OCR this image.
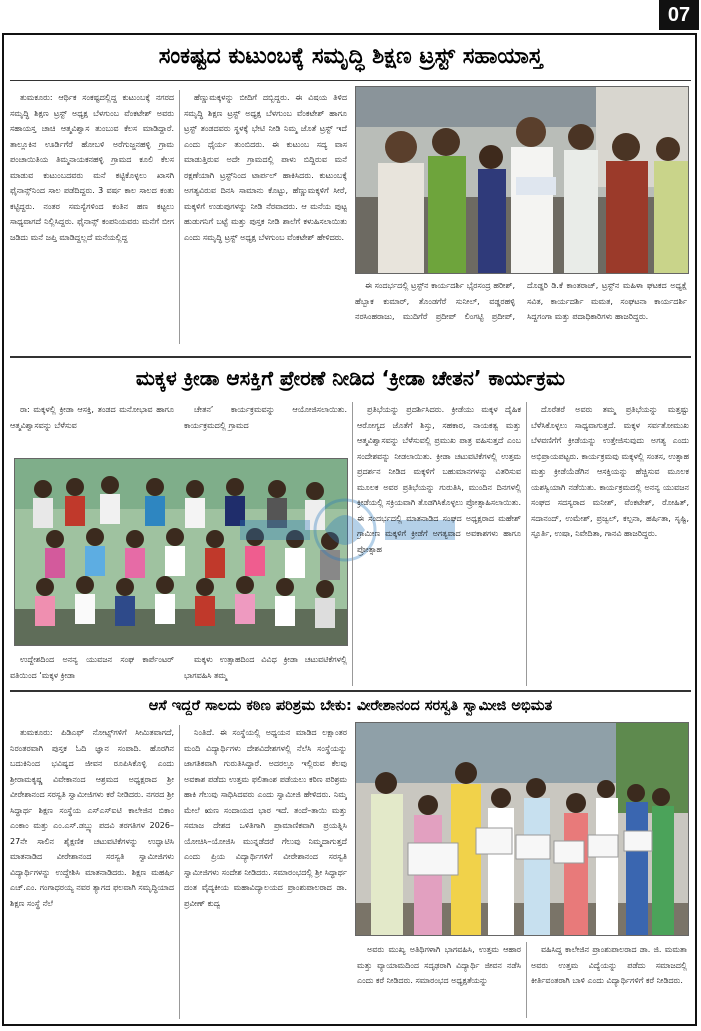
07
ಸಂಕಷ್ಟದ ಕುಟುಂಬಕ್ಕೆ ಸಮೃದ್ಧಿ ಶಿಕ್ಷಣ ಟ್ರಸ್ಟ್ ಸಹಾಯಾಸ್ತ

ತುಮಕೂರು: ಆರ್ಥಿಕ ಸಂಕಷ್ಟದಲ್ಲಿದ್ದ ಕುಟುಂಬಕ್ಕೆ ನಗರದ ಸಮೃದ್ಧಿ ಶಿಕ್ಷಣ ಟ್ರಸ್ಟ್ ಅಧ್ಯಕ್ಷ ಬೆಳಗುಂಬ ವೆಂಕಟೇಶ್ ಅವರು ಸಹಾಯಸ್ತ ಚಾಚಿ ಆತ್ಮವಿಶ್ವಾಸ ತುಂಬುವ ಕೆಲಸ ಮಾಡಿದ್ದಾರೆ. ತಾಲ್ಲೂಕಿನ ಊರ್ಡಿಗೆರೆ ಹೋಬಳಿ ಅರೆಗುಜ್ಜನಹಳ್ಳಿ ಗ್ರಾಮ ಪಂಚಾಯಿತಿಯ ತಿಮ್ಮನಾಯಕನಹಳ್ಳಿ ಗ್ರಾಮದ ಕೂಲಿ ಕೆಲಸ ಮಾಡುವ ಕುಟುಂಬದವರು ಮನೆ ಕಟ್ಟಿಕೊಳ್ಳಲು ಖಾಸಗಿ ಫೈನಾನ್ಸ್‌ನಿಂದ ಸಾಲ ಪಡೆದಿದ್ದರು. 3 ವರ್ಷ ಕಾಲ ಸಾಲದ ಕಂತು ಕಟ್ಟಿದ್ದರು. ನಂತರ ಸಮಸ್ಯೆಗಳಿಂದ ಕಂತಿನ ಹಣ ಕಟ್ಟಲು ಸಾಧ್ಯವಾಗದೆ ನಿಲ್ಲಿಸಿದ್ದರು. ಫೈನಾನ್ಸ್ ಕಂಪನಿಯವರು ಮನೆಗೆ ಬೀಗ ಜಡಿದು ಮನೆ ಜಪ್ತಿ ಮಾಡಿದ್ದಲ್ಲದೆ ಮನೆಯಲ್ಲಿದ್ದ

ಹೆಣ್ಣುಮಕ್ಕಳನ್ನು ಬೀದಿಗೆ ದಬ್ಬಿದ್ದರು. ಈ ವಿಷಯ ತಿಳಿದ ಸಮೃದ್ಧಿ ಶಿಕ್ಷಣ ಟ್ರಸ್ಟ್ ಅಧ್ಯಕ್ಷ ಬೆಳಗುಂಬ ವೆಂಕಟೇಶ್ ಹಾಗೂ ಟ್ರಸ್ಟ್ ತಂಡದವರು ಸ್ಥಳಕ್ಕೆ ಭೇಟಿ ನೀಡಿ ನಿಮ್ಮ ಜೊತೆ ಟ್ರಸ್ಟ್ ಇದೆ ಎಂದು ಧೈರ್ಯ ತುಂಬಿದರು. ಈ ಕುಟುಂಬ ಸದ್ಯ ವಾಸ ಮಾಡುತ್ತಿರುವ ಅದೇ ಗ್ರಾಮದಲ್ಲಿ ಪಾಳು ಬಿದ್ದಿರುವ ಮನೆ ರಕ್ಷಣೆಯಾಗಿ ಟ್ರಸ್ಟ್‌ನಿಂದ ಟಾರ್ಪಲ್ ಹಾಕಿಸಿದರು. ಕುಟುಂಬಕ್ಕೆ ಅಗತ್ಯವಿರುವ ದಿನಸಿ ಸಾಮಾನು ಕೊಟ್ಟು, ಹೆಣ್ಣುಮಕ್ಕಳಿಗೆ ಸೀರೆ, ಮಕ್ಕಳಿಗೆ ಉಡುಪುಗಳನ್ನು ನೀಡಿ ನೆರವಾದರು. ಆ ಮನೆಯ ಪುಟ್ಟ ಹುಡುಗನಿಗೆ ಬಟ್ಟೆ ಮತ್ತು ಪುಸ್ತಕ ನೀಡಿ ಶಾಲೆಗೆ ಕಳುಹಿಸಲಾಯಿತು ಎಂದು ಸಮೃದ್ಧಿ ಟ್ರಸ್ಟ್ ಅಧ್ಯಕ್ಷ ಬೆಳಗುಂಬ ವೆಂಕಟೇಶ್ ಹೇಳಿದರು.

ಈ ಸಂದರ್ಭದಲ್ಲಿ ಟ್ರಸ್ಟ್‌ನ ಕಾರ್ಯದರ್ಶಿ ಭೈರಸಂದ್ರ ಹರೀಶ್, ಹೆಬ್ಬಾಕ ಕುಮಾರ್, ತೊಂಡಗೆರೆ ಸುನೀಲ್, ವಡ್ಡರಹಳ್ಳಿ ನರಸಿಂಹರಾಜು, ಮುದಿಗೆರೆ ಪ್ರದೀಪ್ ಲಿಂಗಟ್ಟಿ ಪ್ರದೀಪ್, ದೊಡ್ಡರಿ ಡಿ.ಕೆ ಕಾಂತರಾಜ್, ಟ್ರಸ್ಟ್‌ನ ಮಹಿಳಾ ಘಟಕದ ಅಧ್ಯಕ್ಷೆ ಸವಿತ, ಕಾರ್ಯದರ್ಶಿ ಮಮತ, ಸಂಘಟನಾ ಕಾರ್ಯದರ್ಶಿ ಸಿದ್ದಗಂಗಾ ಮತ್ತು ಪದಾಧಿಕಾರಿಗಳು ಹಾಜರಿದ್ದರು.

ಮಕ್ಕಳ ಕ್ರೀಡಾ ಆಸಕ್ತಿಗೆ ಪ್ರೇರಣೆ ನೀಡಿದ ‘ಕ್ರೀಡಾ ಚೇತನ’ ಕಾರ್ಯಕ್ರಮ

ರಾ: ಮಕ್ಕಳಲ್ಲಿ ಕ್ರೀಡಾ ಆಸಕ್ತಿ, ತಂಡದ ಮನೋಭಾವ ಹಾಗೂ ಆತ್ಮವಿಶ್ವಾಸವನ್ನು ಬೆಳೆಸುವ

ಚೇತನ’ ಕಾರ್ಯಕ್ರಮವನ್ನು ಆಯೋಜಿಸಲಾಯಿತು. ಕಾರ್ಯಕ್ರಮದಲ್ಲಿ ಗ್ರಾಮದ

ಉದ್ದೇಶದಿಂದ ಅನನ್ಯ ಯುವಜನ ಸಂಘ ಕಾರ್ಪೆಂಟರ್ ವತಿಯಿಂದ ‘ಮಕ್ಕಳ ಕ್ರೀಡಾ

ಮಕ್ಕಳು ಉತ್ಸಾಹದಿಂದ ವಿವಿಧ ಕ್ರೀಡಾ ಚಟುವಟಿಕೆಗಳಲ್ಲಿ ಭಾಗವಹಿಸಿ ತಮ್ಮ

ಪ್ರತಿಭೆಯನ್ನು ಪ್ರದರ್ಶಿಸಿದರು. ಕ್ರೀಡೆಯು ಮಕ್ಕಳ ದೈಹಿಕ ಆರೋಗ್ಯದ ಜೊತೆಗೆ ಶಿಸ್ತು, ಸಹಕಾರ, ನಾಯಕತ್ವ ಮತ್ತು ಆತ್ಮವಿಶ್ವಾಸವನ್ನು ಬೆಳೆಸುವಲ್ಲಿ ಪ್ರಮುಖ ಪಾತ್ರ ವಹಿಸುತ್ತದೆ ಎಂಬ ಸಂದೇಶವನ್ನು ನೀಡಲಾಯಿತು. ಕ್ರೀಡಾ ಚಟುವಟಿಕೆಗಳಲ್ಲಿ ಉತ್ತಮ ಪ್ರದರ್ಶನ ನೀಡಿದ ಮಕ್ಕಳಿಗೆ ಬಹುಮಾನಗಳನ್ನು ವಿತರಿಸುವ ಮೂಲಕ ಅವರ ಪ್ರತಿಭೆಯನ್ನು ಗುರುತಿಸಿ, ಮುಂದಿನ ದಿನಗಳಲ್ಲಿ ಕ್ರೀಡೆಯಲ್ಲಿ ಸಕ್ರಿಯವಾಗಿ ತೊಡಗಿಸಿಕೊಳ್ಳಲು ಪ್ರೋತ್ಸಾಹಿಸಲಾಯಿತು. ಈ ಸಂದರ್ಭದಲ್ಲಿ ಮಾತನಾಡಿದ ಸಂಘದ ಅಧ್ಯಕ್ಷರಾದ ಮಹೇಶ್ ಗ್ರಾಮೀಣ ಮಕ್ಕಳಿಗೆ ಕ್ರೀಡೆಗೆ ಅಗತ್ಯವಾದ ಅವಕಾಶಗಳು ಹಾಗೂ ಪ್ರೋತ್ಸಾಹ

ದೊರೆತರೆ ಅವರು ತಮ್ಮ ಪ್ರತಿಭೆಯನ್ನು ಮತ್ತಷ್ಟು ಬೆಳೆಸಿಕೊಳ್ಳಲು ಸಾಧ್ಯವಾಗುತ್ತದೆ. ಮಕ್ಕಳ ಸರ್ವತೋಮುಖ ಬೆಳವಣಿಗೆಗೆ ಕ್ರೀಡೆಯನ್ನು ಉತ್ತೇಜಿಸುವುದು ಅಗತ್ಯ ಎಂದು ಅಭಿಪ್ರಾಯಪಟ್ಟರು. ಕಾರ್ಯಕ್ರಮವು ಮಕ್ಕಳಲ್ಲಿ ಸಂತಸ, ಉತ್ಸಾಹ ಮತ್ತು ಕ್ರೀಡೆಯೆಡೆಗಿನ ಆಸಕ್ತಿಯನ್ನು ಹೆಚ್ಚಿಸುವ ಮೂಲಕ ಯಶಸ್ವಿಯಾಗಿ ನಡೆಯಿತು. ಕಾರ್ಯಕ್ರಮದಲ್ಲಿ ಅನನ್ಯ ಯುವಜನ ಸಂಘದ ಸದಸ್ಯರಾದ ಮನೀಶ್, ವೆಂಕಟೇಶ್, ರೋಹಿತ್, ಸದಾನಂದ್, ಉಮೇಶ್, ಪ್ರಜ್ವಲ್, ಕಲ್ಪನಾ, ಹರ್ಷಿತಾ, ಸೃಷ್ಟಿ, ಸ್ಫೂರ್ತಿ, ಉಷಾ, ನಿವೇದಿತಾ, ಗಾನವಿ ಹಾಜರಿದ್ದರು.

ಆಸೆ ಇದ್ದರೆ ಸಾಲದು ಕಠಿಣ ಪರಿಶ್ರಮ ಬೇಕು: ವೀರೇಶಾನಂದ ಸರಸ್ವತಿ ಸ್ವಾಮೀಜಿ ಅಭಿಮತ

ತುಮಕೂರು: ಪಿಡಿಎಫ್ ನೋಟ್ಸ್‌ಗಳಿಗೆ ಸೀಮಿತವಾಗದೆ, ನಿರಂತರವಾಗಿ ಪುಸ್ತಕ ಓದಿ ಜ್ಞಾನ ಸಂಪಾದಿ. ಹೊರಗಿನ ಬದುಕಿನಿಂದ ಭವಿಷ್ಯದ ಜೀವನ ರೂಪಿಸಿಕೊಳ್ಳಿ ಎಂದು ಶ್ರೀರಾಮಕೃಷ್ಣ ವಿವೇಕಾನಂದ ಆಶ್ರಮದ ಅಧ್ಯಕ್ಷರಾದ ಶ್ರೀ ವೀರೇಶಾನಂದ ಸರಸ್ವತಿ ಸ್ವಾಮೀಜಿಗಳು ಕರೆ ನೀಡಿದರು. ನಗರದ ಶ್ರೀ ಸಿದ್ಧಾರ್ಥ ಶಿಕ್ಷಣ ಸಂಸ್ಥೆಯ ಎಸ್‌ಎಸ್‌ಐಟಿ ಕಾಲೇಜಿನ ಬಿಕಾಂ ಎಂಕಾಂ ಮತ್ತು ಎಂ.ಎಸ್.ಡಬ್ಲ್ಯು ಪದವಿ ತರಗತಿಗಳ 2026–27ನೇ ಸಾಲಿನ ಶೈಕ್ಷಣಿಕ ಚಟುವಟಿಕೆಗಳನ್ನು ಉದ್ಘಾಟಿಸಿ ಮಾತನಾಡಿದ ವೀರೇಶಾನಂದ ಸರಸ್ವತಿ ಸ್ವಾಮೀಜಿಗಳು ವಿದ್ಯಾರ್ಥಿಗಳನ್ನು ಉದ್ದೇಶಿಸಿ ಮಾತನಾಡಿದರು. ಶಿಕ್ಷಣ ಮಹರ್ಷಿ ಎಚ್.ಎಂ. ಗಂಗಾಧರಯ್ಯ ನವರ ತ್ಯಾಗದ ಫಲವಾಗಿ ಸಮೃದ್ಧಿಯಾದ ಶಿಕ್ಷಣ ಸಂಸ್ಥೆ ನೆಲೆ

ನಿಂತಿದೆ. ಈ ಸಂಸ್ಥೆಯಲ್ಲಿ ಅಧ್ಯಯನ ಮಾಡಿದ ಲಕ್ಷಾಂತರ ಮಂದಿ ವಿದ್ಯಾರ್ಥಿಗಳು ದೇಶವಿದೇಶಗಳಲ್ಲಿ ನೆಲೆಸಿ ಸಂಸ್ಥೆಯನ್ನು ಜಾಗತಿಕವಾಗಿ ಗುರುತಿಸಿದ್ದಾರೆ. ಅದರಲ್ಲೂ ಇಲ್ಲಿರುವ ಕೆಲವು ಅವಕಾಶ ಪಡೆದು ಉತ್ತಮ ಫಲಿತಾಂಶ ಪಡೆಯಲು ಕಠಿಣ ಪರಿಶ್ರಮ ಹಾಕಿ ಗೆಲುವು ಸಾಧಿಸಿದವರು ಎಂದು ಸ್ವಾಮೀಜಿ ಹೇಳಿದರು. ನಿಮ್ಮ ಮೇಲೆ ಋಣ ಸಂದಾಯದ ಭಾರ ಇದೆ. ತಂದೆ–ತಾಯಿ ಮತ್ತು ಸಮಾಜ ದೇಶದ ಒಳಿತಿಗಾಗಿ ಪ್ರಾಮಾಣಿಕವಾಗಿ ಪ್ರಯತ್ನಿಸಿ ಯೋಚಿಸಿ–ಯೋಜಿಸಿ ಮುನ್ನಡೆದರೆ ಗೆಲುವು ನಿಮ್ಮದಾಗುತ್ತದೆ ಎಂದು ಪ್ರಿಯ ವಿದ್ಯಾರ್ಥಿಗಳಿಗೆ ವೀರೇಶಾನಂದ ಸರಸ್ವತಿ ಸ್ವಾಮೀಜಿಗಳು ಸಂದೇಶ ನೀಡಿದರು. ಸಮಾರಂಭದಲ್ಲಿ ಶ್ರೀ ಸಿದ್ಧಾರ್ಥ ದಂತ ವೈದ್ಯಕೀಯ ಮಹಾವಿದ್ಯಾಲಯದ ಪ್ರಾಂಶುಪಾಲರಾದ ಡಾ. ಪ್ರವೀಣ್ ಕುದ್ವ

ಅವರು ಮುಖ್ಯ ಅತಿಥಿಗಳಾಗಿ ಭಾಗವಹಿಸಿ, ಉತ್ತಮ ಆಹಾರ ಮತ್ತು ವ್ಯಾಯಾಮದಿಂದ ಸದೃಢರಾಗಿ ವಿದ್ಯಾರ್ಥಿ ಜೀವನ ನಡೆಸಿ ಎಂದು ಕರೆ ನೀಡಿದರು. ಸಮಾರಂಭದ ಅಧ್ಯಕ್ಷತೆಯನ್ನು

ವಹಿಸಿದ್ದ ಕಾಲೇಜಿನ ಪ್ರಾಂಶುಪಾಲರಾದ ಡಾ. ಜಿ. ಮಮತಾ ಅವರು ಉತ್ತಮ ವಿದ್ಯೆಯನ್ನು ಪಡೆದು ಸಮಾಜದಲ್ಲಿ ಕೀರ್ತಿವಂತರಾಗಿ ಬಾಳಿ ಎಂದು ವಿದ್ಯಾರ್ಥಿಗಳಿಗೆ ಕರೆ ನೀಡಿದರು.
